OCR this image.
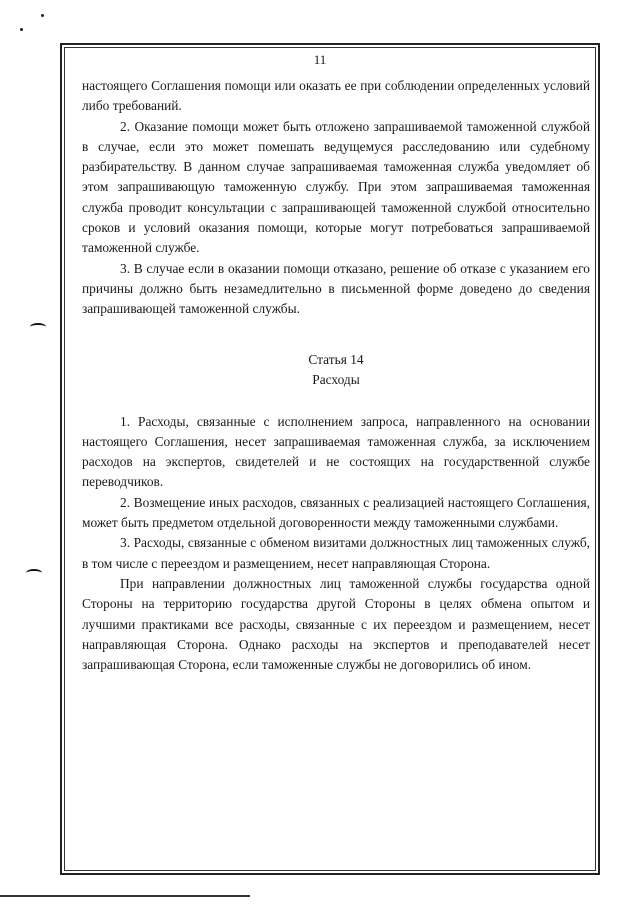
11

настоящего Соглашения помощи или оказать ее при соблюдении определенных условий либо требований.

2. Оказание помощи может быть отложено запрашиваемой таможенной службой в случае, если это может помешать ведущемуся расследованию или судебному разбирательству. В данном случае запрашиваемая таможенная служба уведомляет об этом запрашивающую таможенную службу. При этом запрашиваемая таможенная служба проводит консультации с запрашивающей таможенной службой относительно сроков и условий оказания помощи, которые могут потребоваться запрашиваемой таможенной службе.

3. В случае если в оказании помощи отказано, решение об отказе с указанием его причины должно быть незамедлительно в письменной форме доведено до сведения запрашивающей таможенной службы.

Статья 14
Расходы

1. Расходы, связанные с исполнением запроса, направленного на основании настоящего Соглашения, несет запрашиваемая таможенная служба, за исключением расходов на экспертов, свидетелей и не состоящих на государственной службе переводчиков.

2. Возмещение иных расходов, связанных с реализацией настоящего Соглашения, может быть предметом отдельной договоренности между таможенными службами.

3. Расходы, связанные с обменом визитами должностных лиц таможенных служб, в том числе с переездом и размещением, несет направляющая Сторона.

При направлении должностных лиц таможенной службы государства одной Стороны на территорию государства другой Стороны в целях обмена опытом и лучшими практиками все расходы, связанные с их переездом и размещением, несет направляющая Сторона. Однако расходы на экспертов и преподавателей несет запрашивающая Сторона, если таможенные службы не договорились об ином.
